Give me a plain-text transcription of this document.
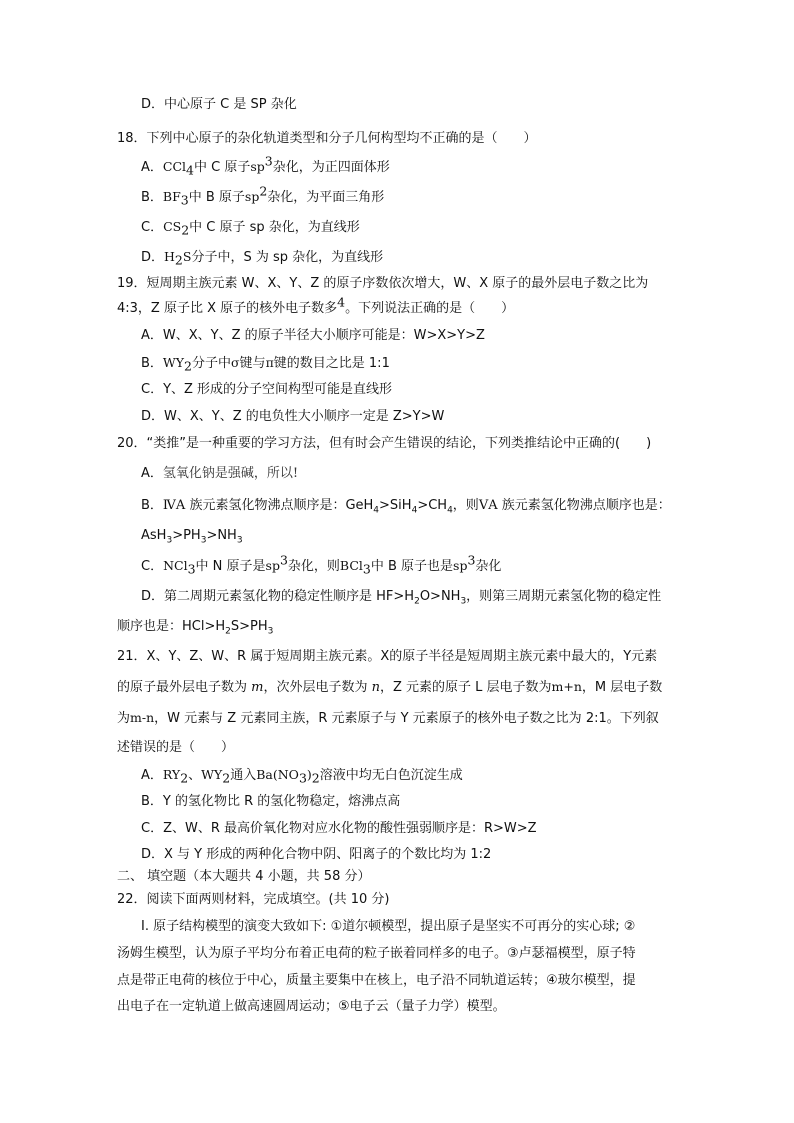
D．中心原子 C 是 SP 杂化
18．下列中心原子的杂化轨道类型和分子几何构型均不正确的是（　　）
A．CCl$_4$中 C 原子$sp^3$杂化，为正四面体形
B．$BF_3$中 B 原子$sp^2$杂化，为平面三角形
C．$CS_2$中 C 原子 sp 杂化，为直线形
D．$H_2S$分子中，S 为 sp 杂化，为直线形
19．短周期主族元素 W、X、Y、Z 的原子序数依次增大，W、X 原子的最外层电子数之比为
4:3，Z 原子比 X 原子的核外电子数多$^4$。下列说法正确的是（　　）
A．W、X、Y、Z 的原子半径大小顺序可能是：W>X>Y>Z
B．$WY_2$分子中σ键与π键的数目之比是 1:1
C．Y、Z 形成的分子空间构型可能是直线形
D．W、X、Y、Z 的电负性大小顺序一定是 Z>Y>W
20．“类推”是一种重要的学习方法，但有时会产生错误的结论，下列类推结论中正确的(　　)
A．氢氧化钠是强碱，所以!
B．ⅣA 族元素氢化物沸点顺序是：$GeH_4>SiH_4>CH_4$，则ⅤA 族元素氢化物沸点顺序也是：
$AsH_3>PH_3>NH_3$
C．NCl$_3$中 N 原子是$sp^3$杂化，则BCl$_3$中 B 原子也是$sp^3$杂化
D．第二周期元素氢化物的稳定性顺序是 $HF>H_2O>NH_3$，则第三周期元素氢化物的稳定性
顺序也是：$HCl>H_2S>PH_3$
21．X、Y、Z、W、R 属于短周期主族元素。X的原子半径是短周期主族元素中最大的，Y元素
的原子最外层电子数为 m，次外层电子数为 n，Z 元素的原子 L 层电子数为m+n，M 层电子数
为m-n，W 元素与 Z 元素同主族，R 元素原子与 Y 元素原子的核外电子数之比为 2:1。下列叙
述错误的是（　　）
A．$RY_2$、$WY_2$通入$Ba(NO_3)_2$溶液中均无白色沉淀生成
B．Y 的氢化物比 R 的氢化物稳定，熔沸点高
C．Z、W、R 最高价氧化物对应水化物的酸性强弱顺序是：R>W>Z
D．X 与 Y 形成的两种化合物中阴、阳离子的个数比均为 1:2
二、 填空题（本大题共 4 小题，共 58 分）
22．阅读下面两则材料，完成填空。(共 10 分)
Ⅰ. 原子结构模型的演变大致如下: ①道尔顿模型，提出原子是坚实不可再分的实心球; ②
汤姆生模型，认为原子平均分布着正电荷的粒子嵌着同样多的电子。③卢瑟福模型，原子特
点是带正电荷的核位于中心，质量主要集中在核上，电子沿不同轨道运转；④玻尔模型，提
出电子在一定轨道上做高速圆周运动；⑤电子云（量子力学）模型。
